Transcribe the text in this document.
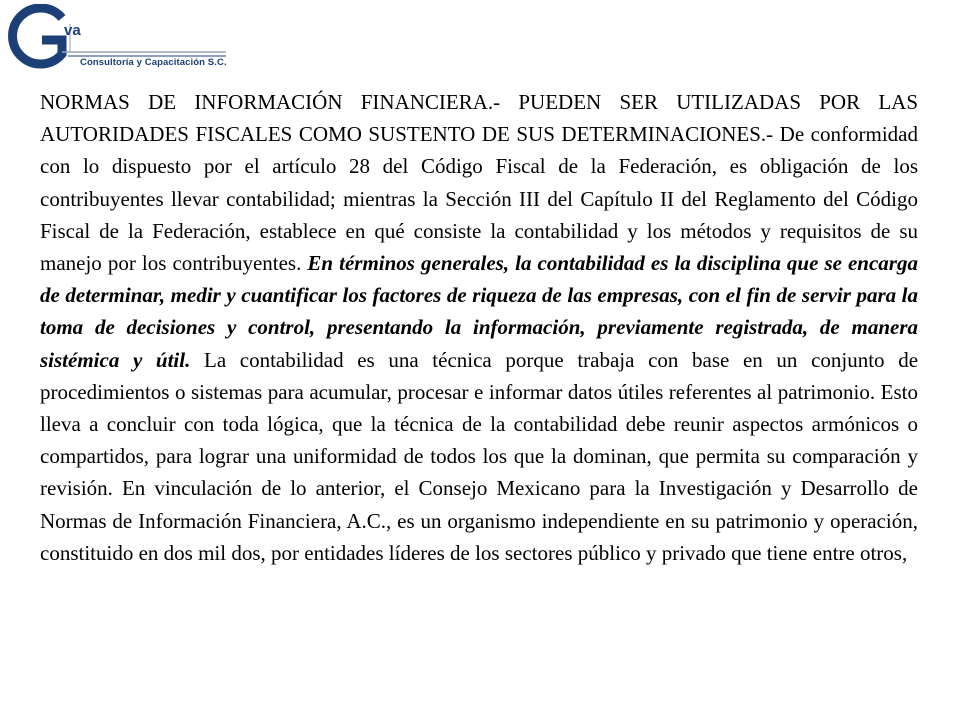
va
Consultoría y Capacitación S.C.

NORMAS DE INFORMACIÓN FINANCIERA.- PUEDEN SER UTILIZADAS POR LAS AUTORIDADES FISCALES COMO SUSTENTO DE SUS DETERMINACIONES.- De conformidad con lo dispuesto por el artículo 28 del Código Fiscal de la Federación, es obligación de los contribuyentes llevar contabilidad; mientras la Sección III del Capítulo II del Reglamento del Código Fiscal de la Federación, establece en qué consiste la contabilidad y los métodos y requisitos de su manejo por los contribuyentes. En términos generales, la contabilidad es la disciplina que se encarga de determinar, medir y cuantificar los factores de riqueza de las empresas, con el fin de servir para la toma de decisiones y control, presentando la información, previamente registrada, de manera sistémica y útil. La contabilidad es una técnica porque trabaja con base en un conjunto de procedimientos o sistemas para acumular, procesar e informar datos útiles referentes al patrimonio. Esto lleva a concluir con toda lógica, que la técnica de la contabilidad debe reunir aspectos armónicos o compartidos, para lograr una uniformidad de todos los que la dominan, que permita su comparación y revisión. En vinculación de lo anterior, el Consejo Mexicano para la Investigación y Desarrollo de Normas de Información Financiera, A.C., es un organismo independiente en su patrimonio y operación, constituido en dos mil dos, por entidades líderes de los sectores público y privado que tiene entre otros,
